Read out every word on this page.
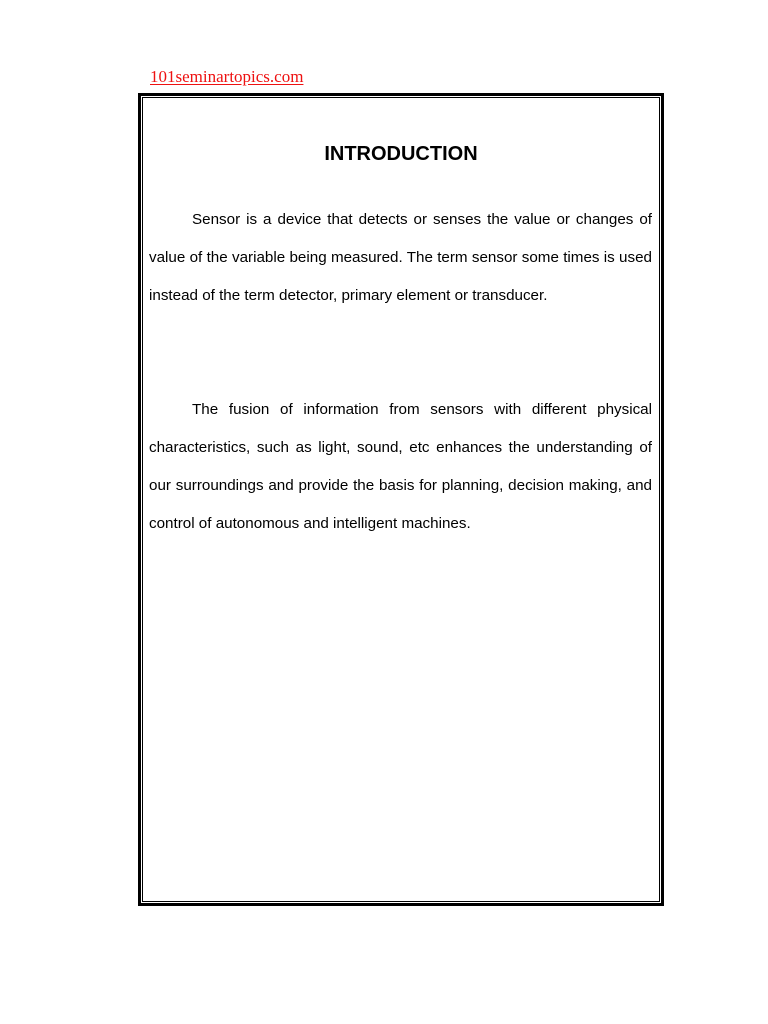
101seminartopics.com
INTRODUCTION

Sensor is a device that detects or senses the value or changes of value of the variable being measured. The term sensor some times is used instead of the term detector, primary element or transducer.

The fusion of information from sensors with different physical characteristics, such as light, sound, etc enhances the understanding of our surroundings and provide the basis for planning, decision making, and control of autonomous and intelligent machines.
